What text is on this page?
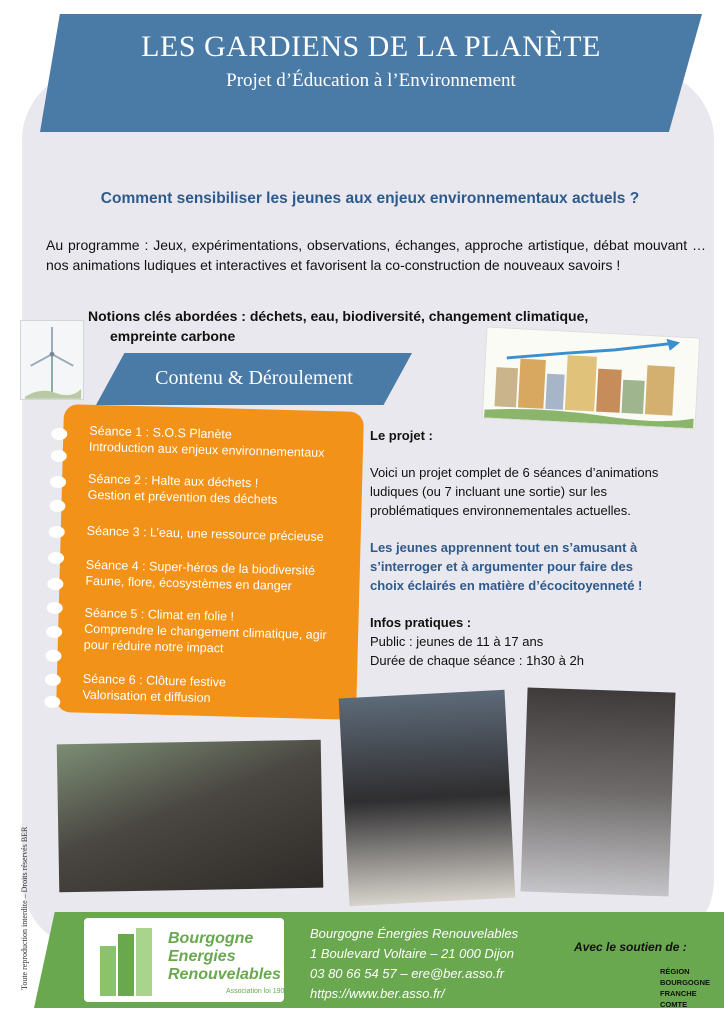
LES GARDIENS DE LA PLANÈTE
Projet d’Éducation à l’Environnement
Comment sensibiliser les jeunes aux enjeux environnementaux actuels ?
Au programme : Jeux, expérimentations, observations, échanges, approche artistique, débat mouvant … nos animations ludiques et interactives et favorisent la co-construction de nouveaux savoirs !
Notions clés abordées : déchets, eau, biodiversité, changement climatique,
empreinte carbone
Contenu & Déroulement
Séance 1 : S.O.S Planète
Introduction aux enjeux environnementaux
Séance 2 : Halte aux déchets !
Gestion et prévention des déchets
Séance 3 : L’eau, une ressource précieuse
Séance 4 : Super-héros de la biodiversité
Faune, flore, écosystèmes en danger
Séance 5 : Climat en folie !
Comprendre le changement climatique, agir pour réduire notre impact
Séance 6 : Clôture festive
Valorisation et diffusion
Le projet :
Voici un projet complet de 6 séances d’animations ludiques (ou 7 incluant une sortie) sur les problématiques environnementales actuelles.
Les jeunes apprennent tout en s’amusant à s’interroger et à argumenter pour faire des choix éclairés en matière d’écocitoyenneté !
Infos pratiques :
Public : jeunes de 11 à 17 ans
Durée de chaque séance : 1h30 à 2h
Bourgogne
Energies
Renouvelables
Association loi 1901
Bourgogne Énergies Renouvelables
1 Boulevard Voltaire – 21 000 Dijon
03 80 66 54 57 – ere@ber.asso.fr
https://www.ber.asso.fr/
Avec le soutien de :
RÉGION
BOURGOGNE
FRANCHE
COMTE
Toute reproduction interdite – Droits réservés BER
